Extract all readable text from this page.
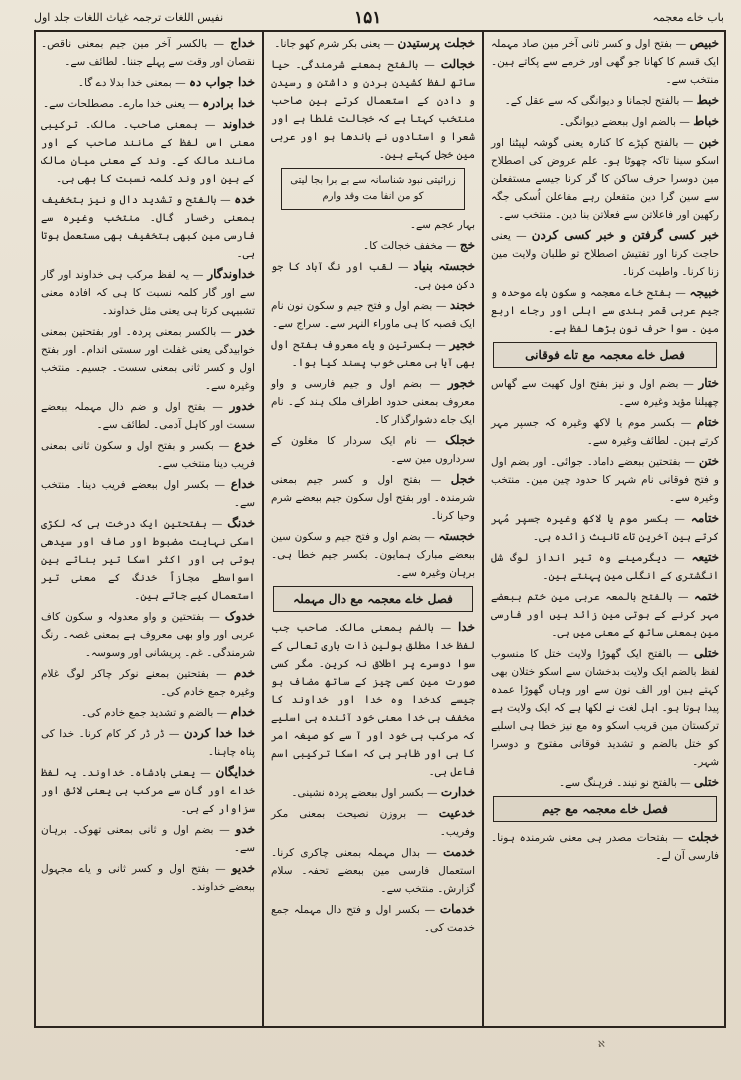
باب خاے معجمہ
۱۵۱
نفیس اللغات ترجمہ غیاث اللغات جلد اول

خبیص — بفتح اول و کسر ثانی آخر مین صاد مہملہ ایک قسم کا کھانا جو گھی اور خرمے سے پکاتے ہین۔ منتخب سے۔

خبط — بالفتح لجمانا و دیوانگی کہ سے عقل کے۔

خباط — بالضم اول ببعضے دیوانگی۔

خبن — بالفتح کپڑے کا کنارہ یعنی گوشہ لپیٹنا اور اسکو سینا تاکہ چھوٹا ہو۔ علم عروض کی اصطلاح مین دوسرا حرف ساکن کا گر کرنا جیسے مستفعلن سے سین گرا دین متفعلن رہے مفاعلن اُسکی جگہ رکھین اور فاعلاتن سے فعلاتن بنا دین۔ منتخب سے۔

خبر کسی گرفتن و خبر کسی کردن — یعنی حاجت کرنا اور تفتیش اصطلاح تو طلبان ولایت مین زنا کرنا۔ واطیت کرنا۔

خبیجہ — بفتح خاے معجمہ و سکون باے موحدہ و جیم عربی قمر ہندی سے اہلی اور رجاے اربع مین ۔ سوا حرف نون بڑھا لفظ ہے۔

فصل خاے معجمہ مع تاے فوقانی

ختار — بضم اول و نیز بفتح اول کھیت سے گھاس چھیلنا مؤید وغیرہ سے۔

ختام — بکسر موم یا لاکھ وغیرہ کہ جسپر مہر کرتے ہین۔ لطائف وغیرہ سے۔

ختن — بفتحتین ببعضے داماد۔ جوائی۔ اور بضم اول و فتح فوقانی نام شہر کا حدود چین مین۔ منتخب وغیرہ سے۔

ختامہ — بکسر موم یا لاکھ وغیرہ جسپر مُہر کرتے ہین آخرین تاے تانیث زائدہ ہی۔

ختیعہ — دیگرمینے وہ تیر انداز لوگ شل انگشتری کے انگلی مین پہنتے ہین۔

ختمہ — بالفتح بالمعہ عربی مین ختم ببعضے مہر کرنے کے ہوتی مین زائد ہیں اور فارسی مین بمعنی ساتھ کے معنی میں ہی۔

ختلی — بالفتح ایک گھوڑا ولایت ختل کا منسوب لفظ بالضم ایک ولایت بدخشان سے اسکو ختلان بھی کہتے ہین اور الف نون سے اور وہاں گھوڑا عمدہ پیدا ہوتا ہو۔ اہل لغت نے لکھا ہے کہ ایک ولایت ہے ترکستان مین قریب اسکو وہ مع نیز خطا ہی اسلیے کو ختل بالضم و تشدید فوقانی مفتوح و دوسرا شہر۔

ختلی — بالفتح نو نیند۔ فرہنگ سے۔

فصل خاے معجمہ مع جیم

خجلت — بفتحات مصدر ہی معنی شرمندہ ہونا۔ فارسی آن لے۔

خجلت پرستیدن — یعنی بکر شرم کھو جانا۔

خجالت — بالفتح بمعنے شرمندگی۔ حیا ساتھ لفظ کشیدن بردن و داشتن و رسیدن و دادن کے استعمال کرتے ہین صاحب منتخب کہتا ہے کہ خجالت غلطا ہے اور شعرا و استادوں نے باندھا ہو اور عربی مین خجل کہتے ہین۔

زرائیتی نبود شناسانہ سے بے برا بجا لیتی کو من انفا مت وقد وارم

بہار عجم سے۔

خج — مخفف خجالت کا۔

خجستہ بنیاد — لقب اور نگ آباد کا جو دکن مین ہی۔

خجند — بضم اول و فتح جیم و سکون نون نام ایک قصبہ کا ہی ماوراء النہر سے۔ سراج سے۔

خجیر — بکسرتین و یاے معروف بفتح اول بھی آیا ہی معنی خوب پسند کیا ہوا۔

خجور — بضم اول و جیم فارسی و واو معروف بمعنی حدود اطراف ملک ہند کے۔ نام ایک جاے دشوارگذار کا۔

خجلک — نام ایک سردار کا مغلون کے سرداروں مین سے۔

خجل — بفتح اول و کسر جیم بمعنی شرمندہ۔ اور بفتح اول سکون جیم ببعضے شرم وحیا کرنا۔

خجستہ — بضم اول و فتح جیم و سکون سین ببعضے مبارک ہمایون۔ بکسر جیم خطا ہی۔ برہان وغیرہ سے۔

فصل خاے معجمہ مع دال مہملہ

خدا — بالضم بمعنی مالک۔ صاحب جب لفظ خدا مطلق بولین ذات باری تعالی کے سوا دوسرے پر اطلاق نہ کرین۔ مگر کسی صورت مین کسی چیز کے ساتھ مضاف ہو جیسے کدخدا وہ خدا اور خداوند کا مخفف ہی خدا معنی خود آئندہ ہی اسلیے کہ مرکب ہی خود اور آ سے کو صیغہ امر کا ہی اور ظاہر ہی کہ اسکا ترکیبی اسم فاعل ہی۔

خدارت — بکسر اول ببعضے پردہ نشینی۔

خدعیت — بروزن نصیحت بمعنی مکر وفریب۔

خدمت — بدال مہملہ بمعنی چاکری کرنا۔ استعمال فارسی مین ببعضے تحفہ۔ سلام گزارش۔ منتخب سے۔

خدمات — بکسر اول و فتح دال مہملہ جمع خدمت کی۔

خداج — بالکسر آخر مین جیم بمعنی ناقص۔ نقصان اور وقت سے پہلے جننا۔ لطائف سے۔

خدا جواب دہ — بمعنی خدا بدلا دے گا۔

خدا برادرہ — یعنی خدا مارے۔ مصطلحات سے۔

خداوند — بمعنی صاحب۔ مالک۔ ترکیبی معنی اس لفظ کے مانند صاحب کے اور مانند مالک کے۔ وند کے معنی میان مالک کے ہین اور وند کلمہ نسبت کا بھی ہی۔

خدہ — بالفتح و تشدید دال و نیز بتخفیف بمعنی رخسار گال۔ منتخب وغیرہ سے فارسی مین کبھی بتخفیف بھی مستعمل ہوتا ہی۔

خداوندگار — یہ لفظ مرکب ہی خداوند اور گار سے اور گار کلمہ نسبت کا ہی کہ افادہ معنی تشبیہی کرتا ہی یعنی مثل خداوند۔

خدر — بالکسر بمعنی پردہ۔ اور بفتحتین بمعنی خوابیدگی یعنی غفلت اور سستی اندام۔ اور بفتح اول و کسر ثانی بمعنی سست۔ جسیم۔ منتخب وغیرہ سے۔

خدور — بفتح اول و ضم دال مہملہ ببعضے سست اور کاہل آدمی۔ لطائف سے۔

خدع — بکسر و بفتح اول و سکون ثانی بمعنی فریب دینا منتخب سے۔

خداع — بکسر اول ببعضے فریب دینا۔ منتخب سے۔

خدنگ — بفتحتین ایک درخت ہی کہ لکڑی اسکی نہایت مضبوط اور صاف اور سیدھی ہوتی ہی اور اکثر اسکا تیر بناتے ہین اسواسطے مجازاً خدنگ کے معنی تیر استعمال کیے جاتے ہین۔

خدوک — بفتحتین و واو معدولہ و سکون کاف عربی اور واو بھی معروف ہے بمعنی غصہ۔ رنگ شرمندگی۔ غم۔ پریشانی اور وسوسہ۔

خدم — بفتحتین بمعنے نوکر چاکر لوگ غلام وغیرہ جمع خادم کی۔

خدام — بالضم و تشدید جمع خادم کی۔

خدا خدا کردن — ڈر ڈر کر کام کرنا۔ خدا کی پناہ چاہنا۔

خدایگان — یعنی بادشاہ۔ خداوند۔ یہ لفظ خداے اور گان سے مرکب ہی یعنی لائق اور سزاوار کے ہی۔

خدو — بضم اول و ثانی بمعنی تھوک۔ برہان سے۔

خدیو — بفتح اول و کسر ثانی و یاے مجہول ببعضے خداوند۔

ℵ
